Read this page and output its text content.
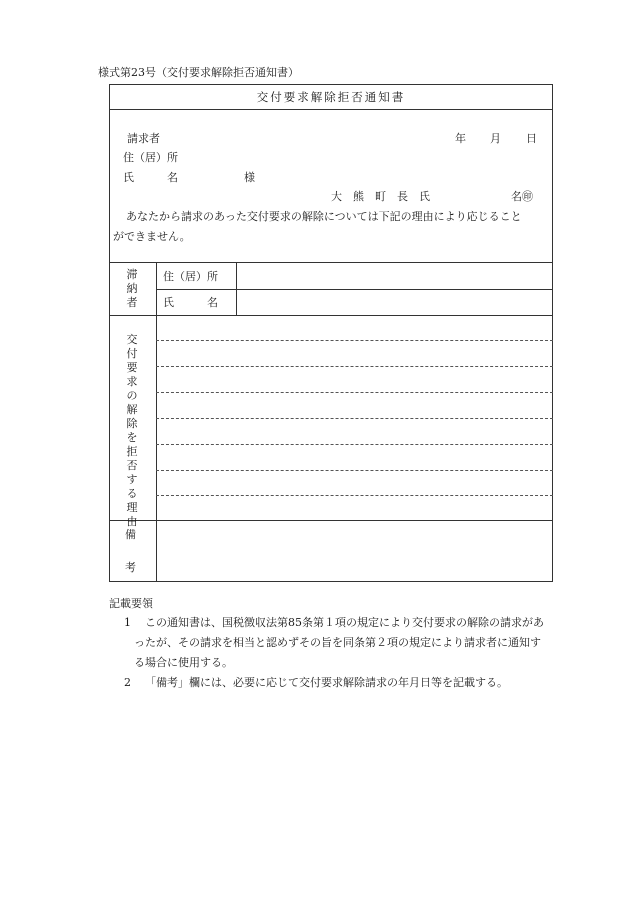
様式第23号（交付要求解除拒否通知書）
交付要求解除拒否通知書
請求者	年 月 日
住（居）所
氏　　　名	様
大　熊　町　長　氏	名㊞
あなたから請求のあった交付要求の解除については下記の理由により応じること
ができません。
滞納者
住（居）所
氏　　　名
交付要求の解除を拒否する理由
備
考
記載要領
1 この通知書は、国税徴収法第85条第１項の規定により交付要求の解除の請求があ
ったが、その請求を相当と認めずその旨を同条第２項の規定により請求者に通知す
る場合に使用する。
2 「備考」欄には、必要に応じて交付要求解除請求の年月日等を記載する。
